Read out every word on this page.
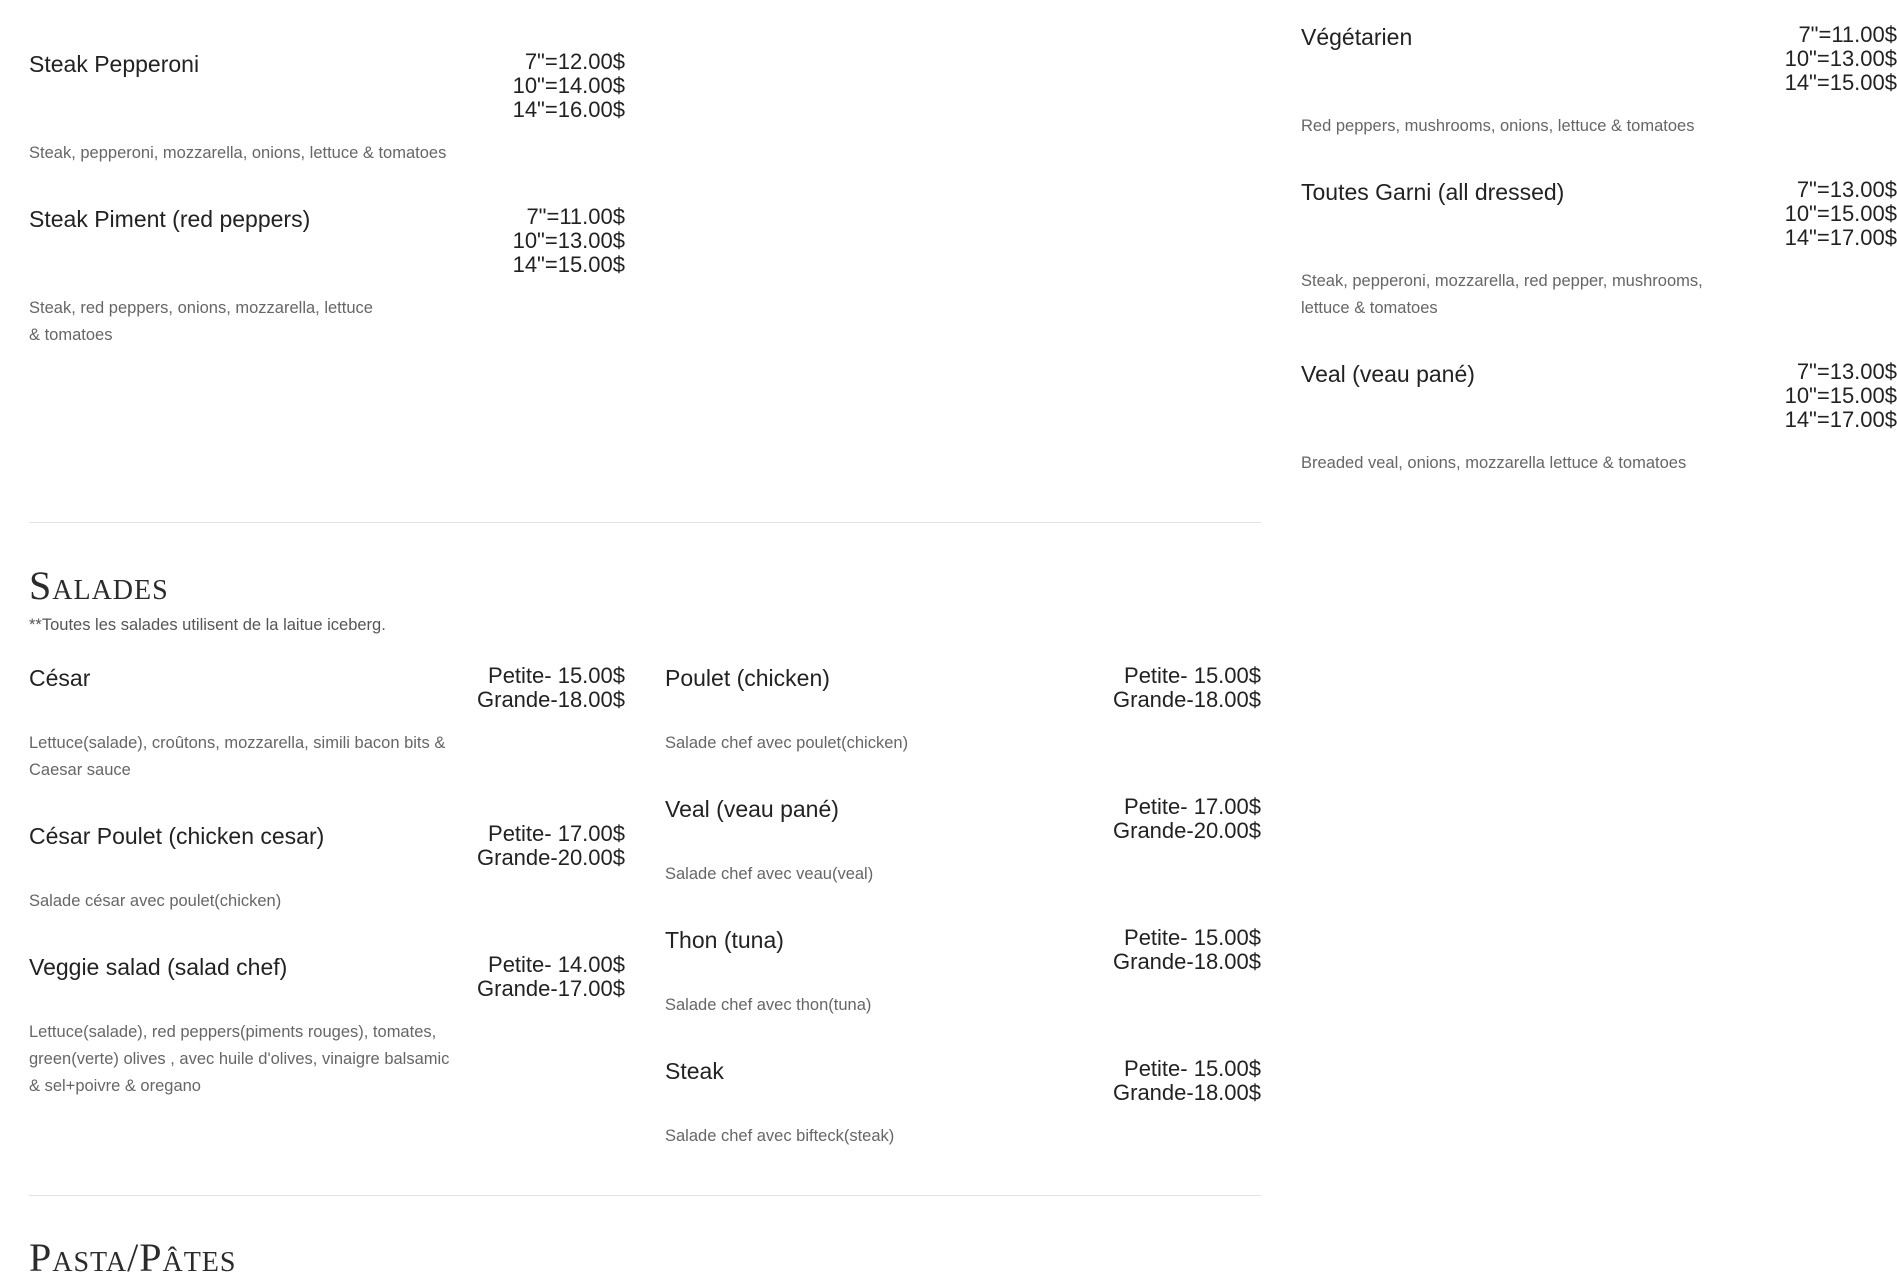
Steak Pepperoni	7"=12.00$
10"=14.00$
14"=16.00$
Steak, pepperoni, mozzarella, onions, lettuce & tomatoes
Steak Piment (red peppers)	7"=11.00$
10"=13.00$
14"=15.00$
Steak, red peppers, onions, mozzarella, lettuce
& tomatoes
Végétarien	7"=11.00$
10"=13.00$
14"=15.00$
Red peppers, mushrooms, onions, lettuce & tomatoes
Toutes Garni (all dressed)	7"=13.00$
10"=15.00$
14"=17.00$
Steak, pepperoni, mozzarella, red pepper, mushrooms,
lettuce & tomatoes
Veal (veau pané)	7"=13.00$
10"=15.00$
14"=17.00$
Breaded veal, onions, mozzarella lettuce & tomatoes
Salades
**Toutes les salades utilisent de la laitue iceberg.
César	Petite- 15.00$
Grande-18.00$
Lettuce(salade), croûtons, mozzarella, simili bacon bits &
Caesar sauce
César Poulet (chicken cesar)	Petite- 17.00$
Grande-20.00$
Salade césar avec poulet(chicken)
Veggie salad (salad chef)	Petite- 14.00$
Grande-17.00$
Lettuce(salade), red peppers(piments rouges), tomates,
green(verte) olives , avec huile d'olives, vinaigre balsamic
& sel+poivre & oregano
Poulet (chicken)	Petite- 15.00$
Grande-18.00$
Salade chef avec poulet(chicken)
Veal (veau pané)	Petite- 17.00$
Grande-20.00$
Salade chef avec veau(veal)
Thon (tuna)	Petite- 15.00$
Grande-18.00$
Salade chef avec thon(tuna)
Steak	Petite- 15.00$
Grande-18.00$
Salade chef avec bifteck(steak)
Pasta/Pâtes
